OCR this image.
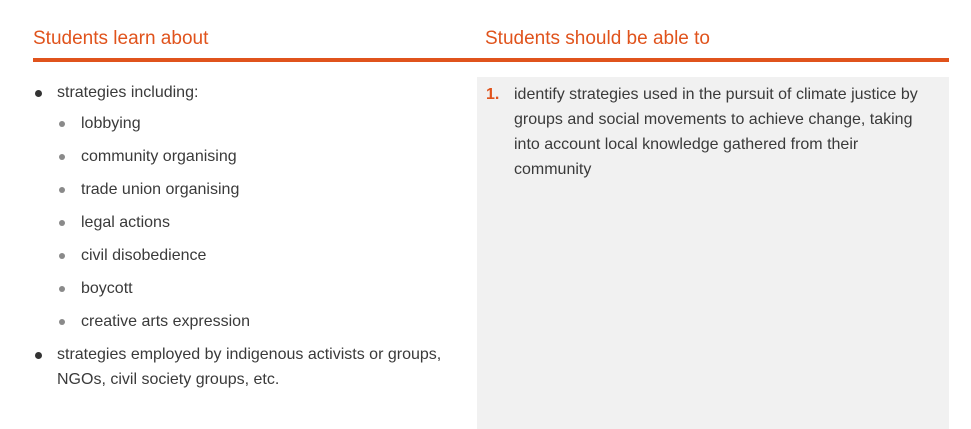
Students learn about	Students should be able to
strategies including:
lobbying
community organising
trade union organising
legal actions
civil disobedience
boycott
creative arts expression
strategies employed by indigenous activists or groups, NGOs, civil society groups, etc.
1. identify strategies used in the pursuit of climate justice by groups and social movements to achieve change, taking into account local knowledge gathered from their community
